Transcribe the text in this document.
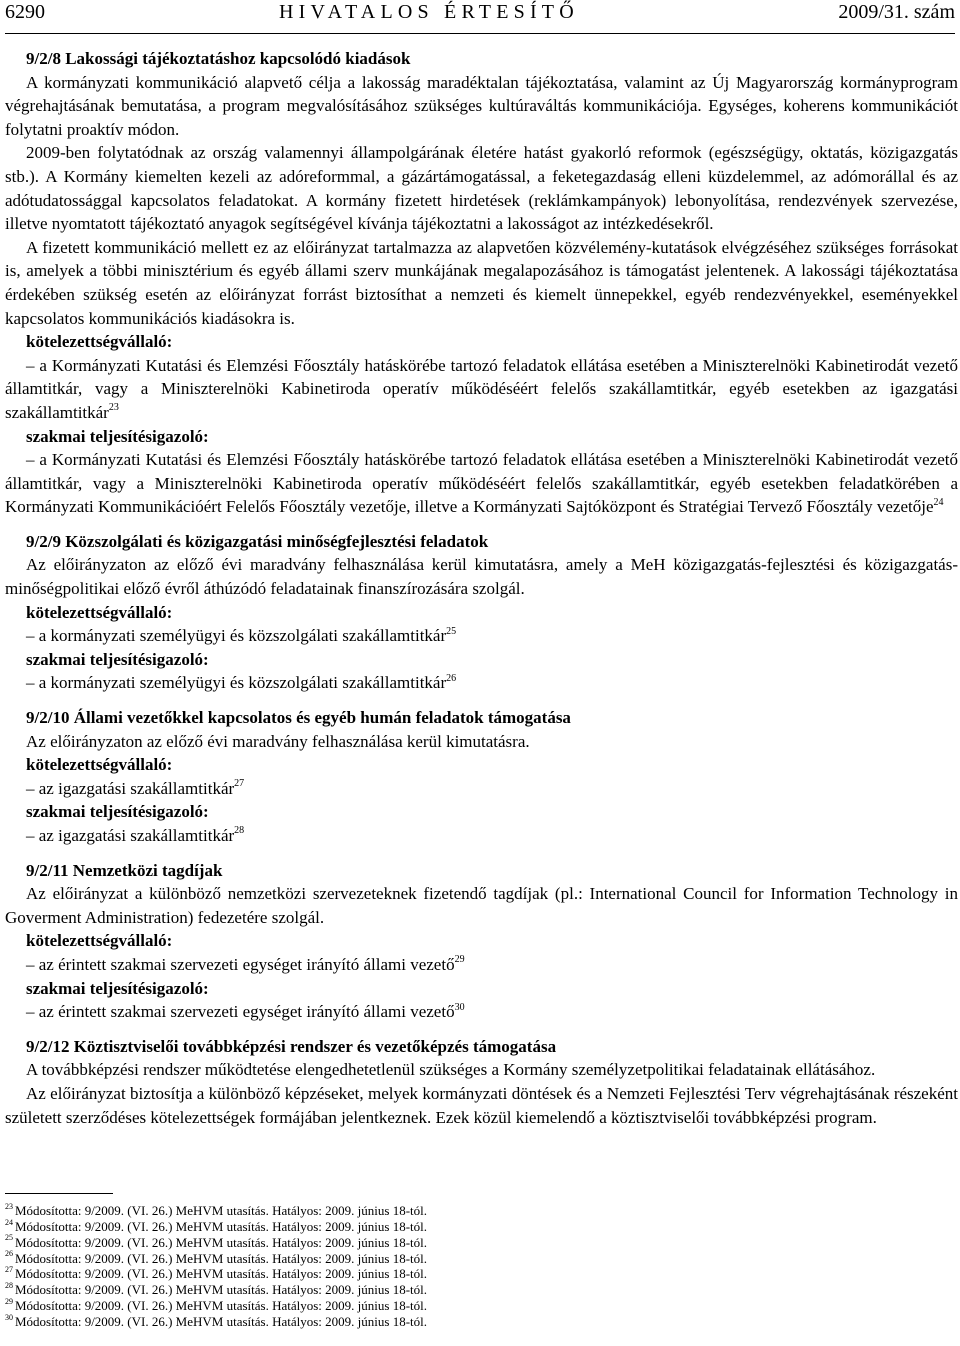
6290	HIVATALOS ÉRTESÍTŐ	2009/31. szám
9/2/8 Lakossági tájékoztatáshoz kapcsolódó kiadások

A kormányzati kommunikáció alapvető célja a lakosság maradéktalan tájékoztatása, valamint az Új Magyarország kormányprogram végrehajtásának bemutatása, a program megvalósításához szükséges kultúraváltás kommunikációja. Egységes, koherens kommunikációt folytatni proaktív módon.

2009-ben folytatódnak az ország valamennyi állampolgárának életére hatást gyakorló reformok (egészségügy, oktatás, közigazgatás stb.). A Kormány kiemelten kezeli az adóreformmal, a gázártámogatással, a feketegazdaság elleni küzdelemmel, az adómorállal és az adótudatossággal kapcsolatos feladatokat. A kormány fizetett hirdetések (reklámkampányok) lebonyolítása, rendezvények szervezése, illetve nyomtatott tájékoztató anyagok segítségével kívánja tájékoztatni a lakosságot az intézkedésekről.

A fizetett kommunikáció mellett ez az előirányzat tartalmazza az alapvetően közvélemény-kutatások elvégzéséhez szükséges forrásokat is, amelyek a többi minisztérium és egyéb állami szerv munkájának megalapozásához is támogatást jelentenek. A lakossági tájékoztatása érdekében szükség esetén az előirányzat forrást biztosíthat a nemzeti és kiemelt ünnepekkel, egyéb rendezvényekkel, eseményekkel kapcsolatos kommunikációs kiadásokra is.

kötelezettségvállaló:

– a Kormányzati Kutatási és Elemzési Főosztály hatáskörébe tartozó feladatok ellátása esetében a Miniszterelnöki Kabinetirodát vezető államtitkár, vagy a Miniszterelnöki Kabinetiroda operatív működéséért felelős szakállamtitkár, egyéb esetekben az igazgatási szakállamtitkár$^{23}$

szakmai teljesítésigazoló:

– a Kormányzati Kutatási és Elemzési Főosztály hatáskörébe tartozó feladatok ellátása esetében a Miniszterelnöki Kabinetirodát vezető államtitkár, vagy a Miniszterelnöki Kabinetiroda operatív működéséért felelős szakállamtitkár, egyéb esetekben feladatkörében a Kormányzati Kommunikációért Felelős Főosztály vezetője, illetve a Kormányzati Sajtóközpont és Stratégiai Tervező Főosztály vezetője$^{24}$

9/2/9 Közszolgálati és közigazgatási minőségfejlesztési feladatok

Az előirányzaton az előző évi maradvány felhasználása kerül kimutatásra, amely a MeH közigazgatás-fejlesztési és közigazgatás-minőségpolitikai előző évről áthúzódó feladatainak finanszírozására szolgál.

kötelezettségvállaló:

– a kormányzati személyügyi és közszolgálati szakállamtitkár$^{25}$

szakmai teljesítésigazoló:

– a kormányzati személyügyi és közszolgálati szakállamtitkár$^{26}$

9/2/10 Állami vezetőkkel kapcsolatos és egyéb humán feladatok támogatása

Az előirányzaton az előző évi maradvány felhasználása kerül kimutatásra.

kötelezettségvállaló:

– az igazgatási szakállamtitkár$^{27}$

szakmai teljesítésigazoló:

– az igazgatási szakállamtitkár$^{28}$

9/2/11 Nemzetközi tagdíjak

Az előirányzat a különböző nemzetközi szervezeteknek fizetendő tagdíjak (pl.: International Council for Information Technology in Goverment Administration) fedezetére szolgál.

kötelezettségvállaló:

– az érintett szakmai szervezeti egységet irányító állami vezető$^{29}$

szakmai teljesítésigazoló:

– az érintett szakmai szervezeti egységet irányító állami vezető$^{30}$

9/2/12 Köztisztviselői továbbképzési rendszer és vezetőképzés támogatása

A továbbképzési rendszer működtetése elengedhetetlenül szükséges a Kormány személyzetpolitikai feladatainak ellátásához.

Az előirányzat biztosítja a különböző képzéseket, melyek kormányzati döntések és a Nemzeti Fejlesztési Terv végrehajtásának részeként született szerződéses kötelezettségek formájában jelentkeznek. Ezek közül kiemelendő a köztisztviselői továbbképzési program.

$^{23}$ Módosította: 9/2009. (VI. 26.) MeHVM utasítás. Hatályos: 2009. június 18-tól.
$^{24}$ Módosította: 9/2009. (VI. 26.) MeHVM utasítás. Hatályos: 2009. június 18-tól.
$^{25}$ Módosította: 9/2009. (VI. 26.) MeHVM utasítás. Hatályos: 2009. június 18-tól.
$^{26}$ Módosította: 9/2009. (VI. 26.) MeHVM utasítás. Hatályos: 2009. június 18-tól.
$^{27}$ Módosította: 9/2009. (VI. 26.) MeHVM utasítás. Hatályos: 2009. június 18-tól.
$^{28}$ Módosította: 9/2009. (VI. 26.) MeHVM utasítás. Hatályos: 2009. június 18-tól.
$^{29}$ Módosította: 9/2009. (VI. 26.) MeHVM utasítás. Hatályos: 2009. június 18-tól.
$^{30}$ Módosította: 9/2009. (VI. 26.) MeHVM utasítás. Hatályos: 2009. június 18-tól.
